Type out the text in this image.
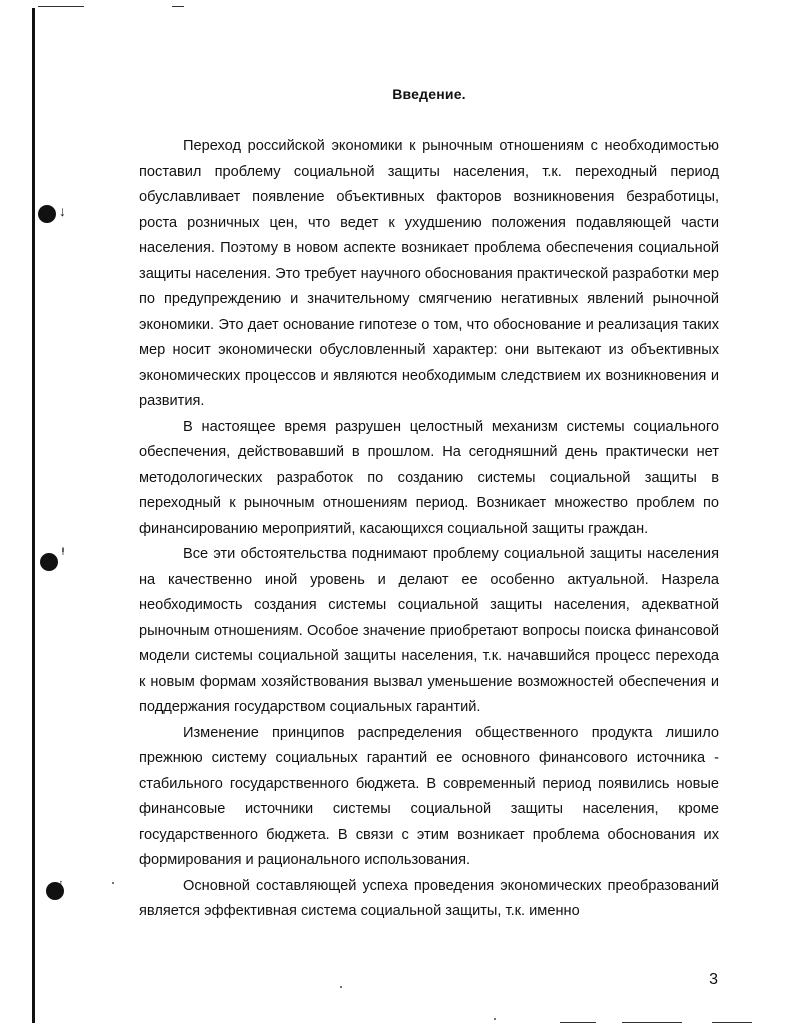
↓
ᵎ
ᵗ
Введение.

Переход российской экономики к рыночным отношениям с необходимостью поставил проблему социальной защиты населения, т.к. переходный период обуславливает появление объективных факторов возникновения безработицы, роста розничных цен, что ведет к ухудшению положения подавляющей части населения. Поэтому в новом аспекте возникает проблема обеспечения социальной защиты населения. Это требует научного обоснования практической разработки мер по предупреждению и значительному смягчению негативных явлений рыночной экономики. Это дает основание гипотезе о том, что обоснование и реализация таких мер носит экономически обусловленный характер: они вытекают из объективных экономических процессов и являются необходимым следствием их возникновения и развития.

В настоящее время разрушен целостный механизм системы социального обеспечения, действовавший в прошлом. На сегодняшний день практически нет методологических разработок по созданию системы социальной защиты в переходный к рыночным отношениям период. Возникает множество проблем по финансированию мероприятий, касающихся социальной защиты граждан.

Все эти обстоятельства поднимают проблему социальной защиты населения на качественно иной уровень и делают ее особенно актуальной. Назрела необходимость создания системы социальной защиты населения, адекватной рыночным отношениям. Особое значение приобретают вопросы поиска финансовой модели системы социальной защиты населения, т.к. начавшийся процесс перехода к новым формам хозяйствования вызвал уменьшение возможностей обеспечения и поддержания государством социальных гарантий.

Изменение принципов распределения общественного продукта лишило прежнюю систему социальных гарантий ее основного финансового источника - стабильного государственного бюджета. В современный период появились новые финансовые источники системы социальной защиты населения, кроме государственного бюджета. В связи с этим возникает проблема обоснования их формирования и рационального использования.

Основной составляющей успеха проведения экономических преобразований является эффективная система социальной защиты, т.к. именно

3
